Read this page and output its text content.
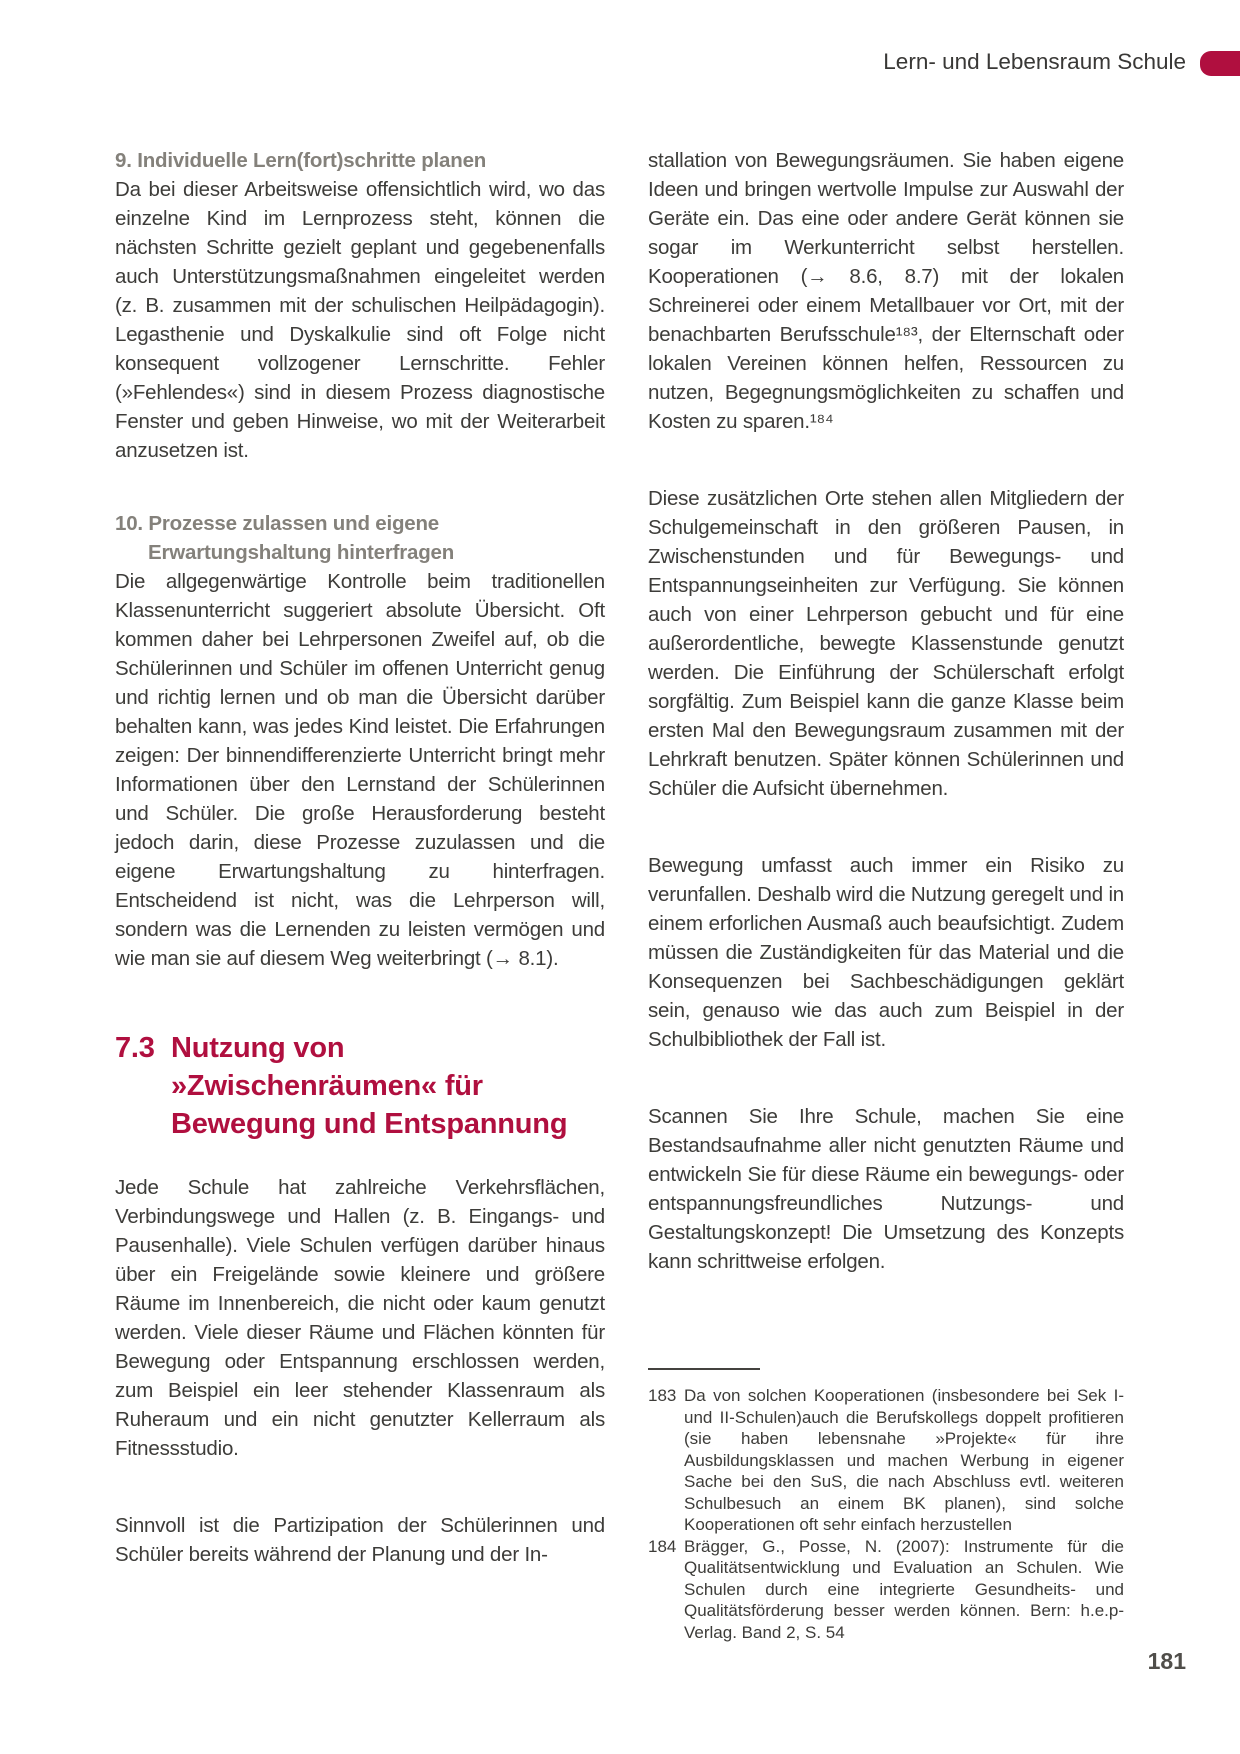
Lern- und Lebensraum Schule
9. Individuelle Lern(fort)schritte planen

Da bei dieser Arbeitsweise offensichtlich wird, wo das einzelne Kind im Lernprozess steht, können die nächsten Schritte gezielt geplant und gegebenenfalls auch Unterstützungsmaßnahmen eingeleitet werden (z. B. zusammen mit der schulischen Heilpädagogin). Legasthenie und Dyskalkulie sind oft Folge nicht konsequent vollzogener Lernschritte. Fehler (»Fehlendes«) sind in diesem Prozess diagnostische Fenster und geben Hinweise, wo mit der Weiterarbeit anzusetzen ist.

10. Prozesse zulassen und eigene
Erwartungshaltung hinterfragen

Die allgegenwärtige Kontrolle beim traditionellen Klassenunterricht suggeriert absolute Übersicht. Oft kommen daher bei Lehrpersonen Zweifel auf, ob die Schülerinnen und Schüler im offenen Unterricht genug und richtig lernen und ob man die Übersicht darüber behalten kann, was jedes Kind leistet. Die Erfahrungen zeigen: Der binnendifferenzierte Unterricht bringt mehr Informationen über den Lernstand der Schülerinnen und Schüler. Die große Herausforderung besteht jedoch darin, diese Prozesse zuzulassen und die eigene Erwartungshaltung zu hinterfragen. Entscheidend ist nicht, was die Lehrperson will, sondern was die Lernenden zu leisten vermögen und wie man sie auf diesem Weg weiterbringt (→ 8.1).

7.3 Nutzung von
»Zwischenräumen« für
Bewegung und Entspannung

Jede Schule hat zahlreiche Verkehrsflächen, Verbindungswege und Hallen (z. B. Eingangs- und Pausenhalle). Viele Schulen verfügen darüber hinaus über ein Freigelände sowie kleinere und größere Räume im Innenbereich, die nicht oder kaum genutzt werden. Viele dieser Räume und Flächen könnten für Bewegung oder Entspannung erschlossen werden, zum Beispiel ein leer stehender Klassenraum als Ruheraum und ein nicht genutzter Kellerraum als Fitnessstudio.

Sinnvoll ist die Partizipation der Schülerinnen und Schüler bereits während der Planung und der In-

stallation von Bewegungsräumen. Sie haben eigene Ideen und bringen wertvolle Impulse zur Auswahl der Geräte ein. Das eine oder andere Gerät können sie sogar im Werkunterricht selbst herstellen. Kooperationen (→ 8.6, 8.7) mit der lokalen Schreinerei oder einem Metallbauer vor Ort, mit der benachbarten Berufsschule¹⁸³, der Elternschaft oder lokalen Vereinen können helfen, Ressourcen zu nutzen, Begegnungsmöglichkeiten zu schaffen und Kosten zu sparen.¹⁸⁴

Diese zusätzlichen Orte stehen allen Mitgliedern der Schulgemeinschaft in den größeren Pausen, in Zwischenstunden und für Bewegungs- und Entspannungseinheiten zur Verfügung. Sie können auch von einer Lehrperson gebucht und für eine außerordentliche, bewegte Klassenstunde genutzt werden. Die Einführung der Schülerschaft erfolgt sorgfältig. Zum Beispiel kann die ganze Klasse beim ersten Mal den Bewegungsraum zusammen mit der Lehrkraft benutzen. Später können Schülerinnen und Schüler die Aufsicht übernehmen.

Bewegung umfasst auch immer ein Risiko zu verunfallen. Deshalb wird die Nutzung geregelt und in einem erforlichen Ausmaß auch beaufsichtigt. Zudem müssen die Zuständigkeiten für das Material und die Konsequenzen bei Sachbeschädigungen geklärt sein, genauso wie das auch zum Beispiel in der Schulbibliothek der Fall ist.

Scannen Sie Ihre Schule, machen Sie eine Bestandsaufnahme aller nicht genutzten Räume und entwickeln Sie für diese Räume ein bewegungs- oder entspannungsfreundliches Nutzungs- und Gestaltungskonzept! Die Umsetzung des Konzepts kann schrittweise erfolgen.

183 Da von solchen Kooperationen (insbesondere bei Sek I- und II-Schulen)auch die Berufskollegs doppelt profitieren (sie haben lebensnahe »Projekte« für ihre Ausbildungsklassen und machen Werbung in eigener Sache bei den SuS, die nach Abschluss evtl. weiteren Schulbesuch an einem BK planen), sind solche Kooperationen oft sehr einfach herzustellen
184 Brägger, G., Posse, N. (2007): Instrumente für die Qualitätsentwicklung und Evaluation an Schulen. Wie Schulen durch eine integrierte Gesundheits- und Qualitätsförderung besser werden können. Bern: h.e.p-Verlag. Band 2, S. 54
181
